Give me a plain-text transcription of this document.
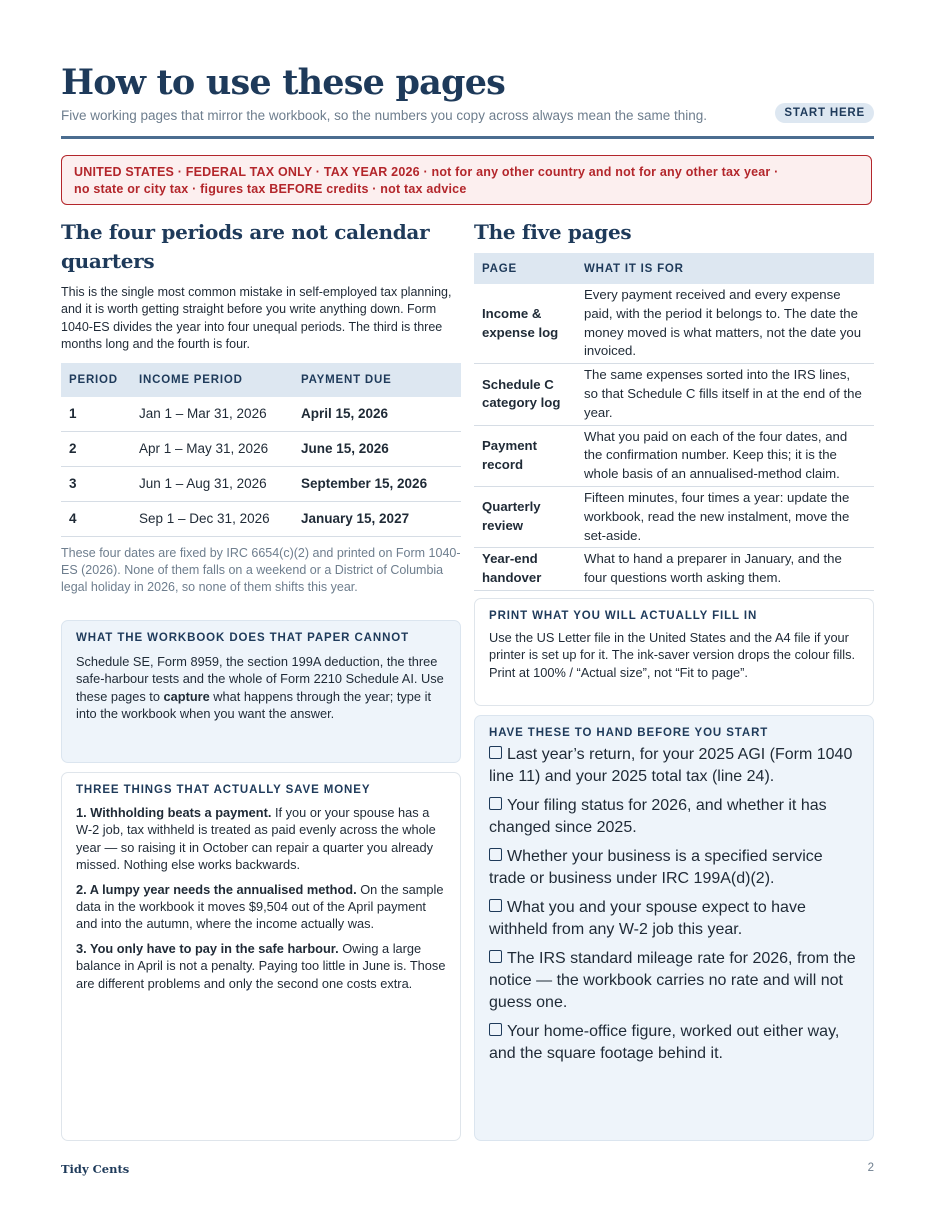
How to use these pages
Five working pages that mirror the workbook, so the numbers you copy across always mean the same thing.	START HERE
UNITED STATES · FEDERAL TAX ONLY · TAX YEAR 2026 · not for any other country and not for any other tax year ·
no state or city tax · figures tax BEFORE credits · not tax advice
The four periods are not calendar quarters

This is the single most common mistake in self-employed tax planning, and it is worth getting straight before you write anything down. Form 1040-ES divides the year into four unequal periods. The third is three months long and the fourth is four.

PERIOD	INCOME PERIOD	PAYMENT DUE
1	Jan 1 – Mar 31, 2026	April 15, 2026
2	Apr 1 – May 31, 2026	June 15, 2026
3	Jun 1 – Aug 31, 2026	September 15, 2026
4	Sep 1 – Dec 31, 2026	January 15, 2027

These four dates are fixed by IRC 6654(c)(2) and printed on Form 1040-ES (2026). None of them falls on a weekend or a District of Columbia legal holiday in 2026, so none of them shifts this year.

WHAT THE WORKBOOK DOES THAT PAPER CANNOT
Schedule SE, Form 8959, the section 199A deduction, the three safe-harbour tests and the whole of Form 2210 Schedule AI. Use these pages to capture what happens through the year; type it into the workbook when you want the answer.
THREE THINGS THAT ACTUALLY SAVE MONEY
1. Withholding beats a payment. If you or your spouse has a W-2 job, tax withheld is treated as paid evenly across the whole year — so raising it in October can repair a quarter you already missed. Nothing else works backwards.
2. A lumpy year needs the annualised method. On the sample data in the workbook it moves $9,504 out of the April payment and into the autumn, where the income actually was.
3. You only have to pay in the safe harbour. Owing a large balance in April is not a penalty. Paying too little in June is. Those are different problems and only the second one costs extra.
The five pages
PAGE	WHAT IT IS FOR
Income & expense log	Every payment received and every expense paid, with the period it belongs to. The date the money moved is what matters, not the date you invoiced.
Schedule C category log	The same expenses sorted into the IRS lines, so that Schedule C fills itself in at the end of the year.
Payment record	What you paid on each of the four dates, and the confirmation number. Keep this; it is the whole basis of an annualised-method claim.
Quarterly review	Fifteen minutes, four times a year: update the workbook, read the new instalment, move the set-aside.
Year-end handover	What to hand a preparer in January, and the four questions worth asking them.
PRINT WHAT YOU WILL ACTUALLY FILL IN
Use the US Letter file in the United States and the A4 file if your printer is set up for it. The ink-saver version drops the colour fills. Print at 100% / “Actual size”, not “Fit to page”.
HAVE THESE TO HAND BEFORE YOU START
Last year’s return, for your 2025 AGI (Form 1040 line 11) and your 2025 total tax (line 24).
Your filing status for 2026, and whether it has changed since 2025.
Whether your business is a specified service trade or business under IRC 199A(d)(2).
What you and your spouse expect to have withheld from any W-2 job this year.
The IRS standard mileage rate for 2026, from the notice — the workbook carries no rate and will not guess one.
Your home-office figure, worked out either way, and the square footage behind it.
Tidy Cents	2
